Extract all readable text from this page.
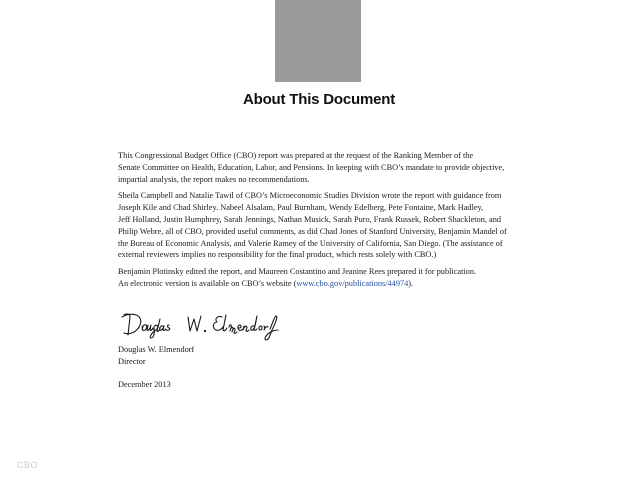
About This Document

This Congressional Budget Office (CBO) report was prepared at the request of the Ranking Member of the
Senate Committee on Health, Education, Labor, and Pensions. In keeping with CBO’s mandate to provide objective,
impartial analysis, the report makes no recommendations.

Sheila Campbell and Natalie Tawil of CBO’s Microeconomic Studies Division wrote the report with guidance from
Joseph Kile and Chad Shirley. Nabeel Alsalam, Paul Burnham, Wendy Edelberg, Pete Fontaine, Mark Hadley,
Jeff Holland, Justin Humphrey, Sarah Jennings, Nathan Musick, Sarah Puro, Frank Russek, Robert Shackleton, and
Philip Webre, all of CBO, provided useful comments, as did Chad Jones of Stanford University, Benjamin Mandel of
the Bureau of Economic Analysis, and Valerie Ramey of the University of California, San Diego. (The assistance of
external reviewers implies no responsibility for the final product, which rests solely with CBO.)

Benjamin Plotinsky edited the report, and Maureen Costantino and Jeanine Rees prepared it for publication.
An electronic version is available on CBO’s website (www.cbo.gov/publications/44974).

Douglas W. Elmendorf
Director
December 2013
CBO
